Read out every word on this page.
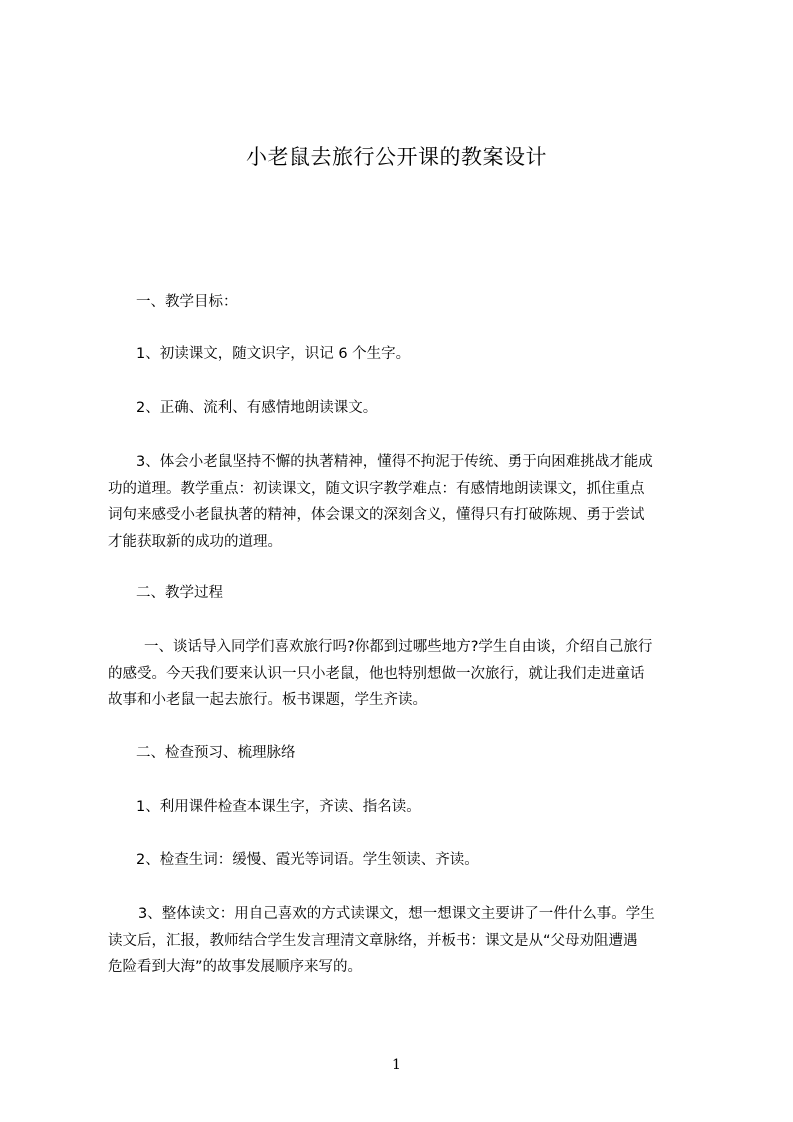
小老鼠去旅行公开课的教案设计
一、教学目标：
1、初读课文，随文识字，识记 6 个生字。
2、正确、流利、有感情地朗读课文。
3、体会小老鼠坚持不懈的执著精神，懂得不拘泥于传统、勇于向困难挑战才能成
功的道理。教学重点：初读课文，随文识字教学难点：有感情地朗读课文，抓住重点
词句来感受小老鼠执著的精神，体会课文的深刻含义，懂得只有打破陈规、勇于尝试
才能获取新的成功的道理。
二、教学过程
一、谈话导入同学们喜欢旅行吗?你都到过哪些地方?学生自由谈，介绍自己旅行
的感受。今天我们要来认识一只小老鼠，他也特别想做一次旅行，就让我们走进童话
故事和小老鼠一起去旅行。板书课题，学生齐读。
二、检查预习、梳理脉络
1、利用课件检查本课生字，齐读、指名读。
2、检查生词：缓慢、霞光等词语。学生领读、齐读。
3、整体读文：用自己喜欢的方式读课文，想一想课文主要讲了一件什么事。学生
读文后，汇报，教师结合学生发言理清文章脉络，并板书：课文是从“父母劝阻遭遇
危险看到大海”的故事发展顺序来写的。
1
